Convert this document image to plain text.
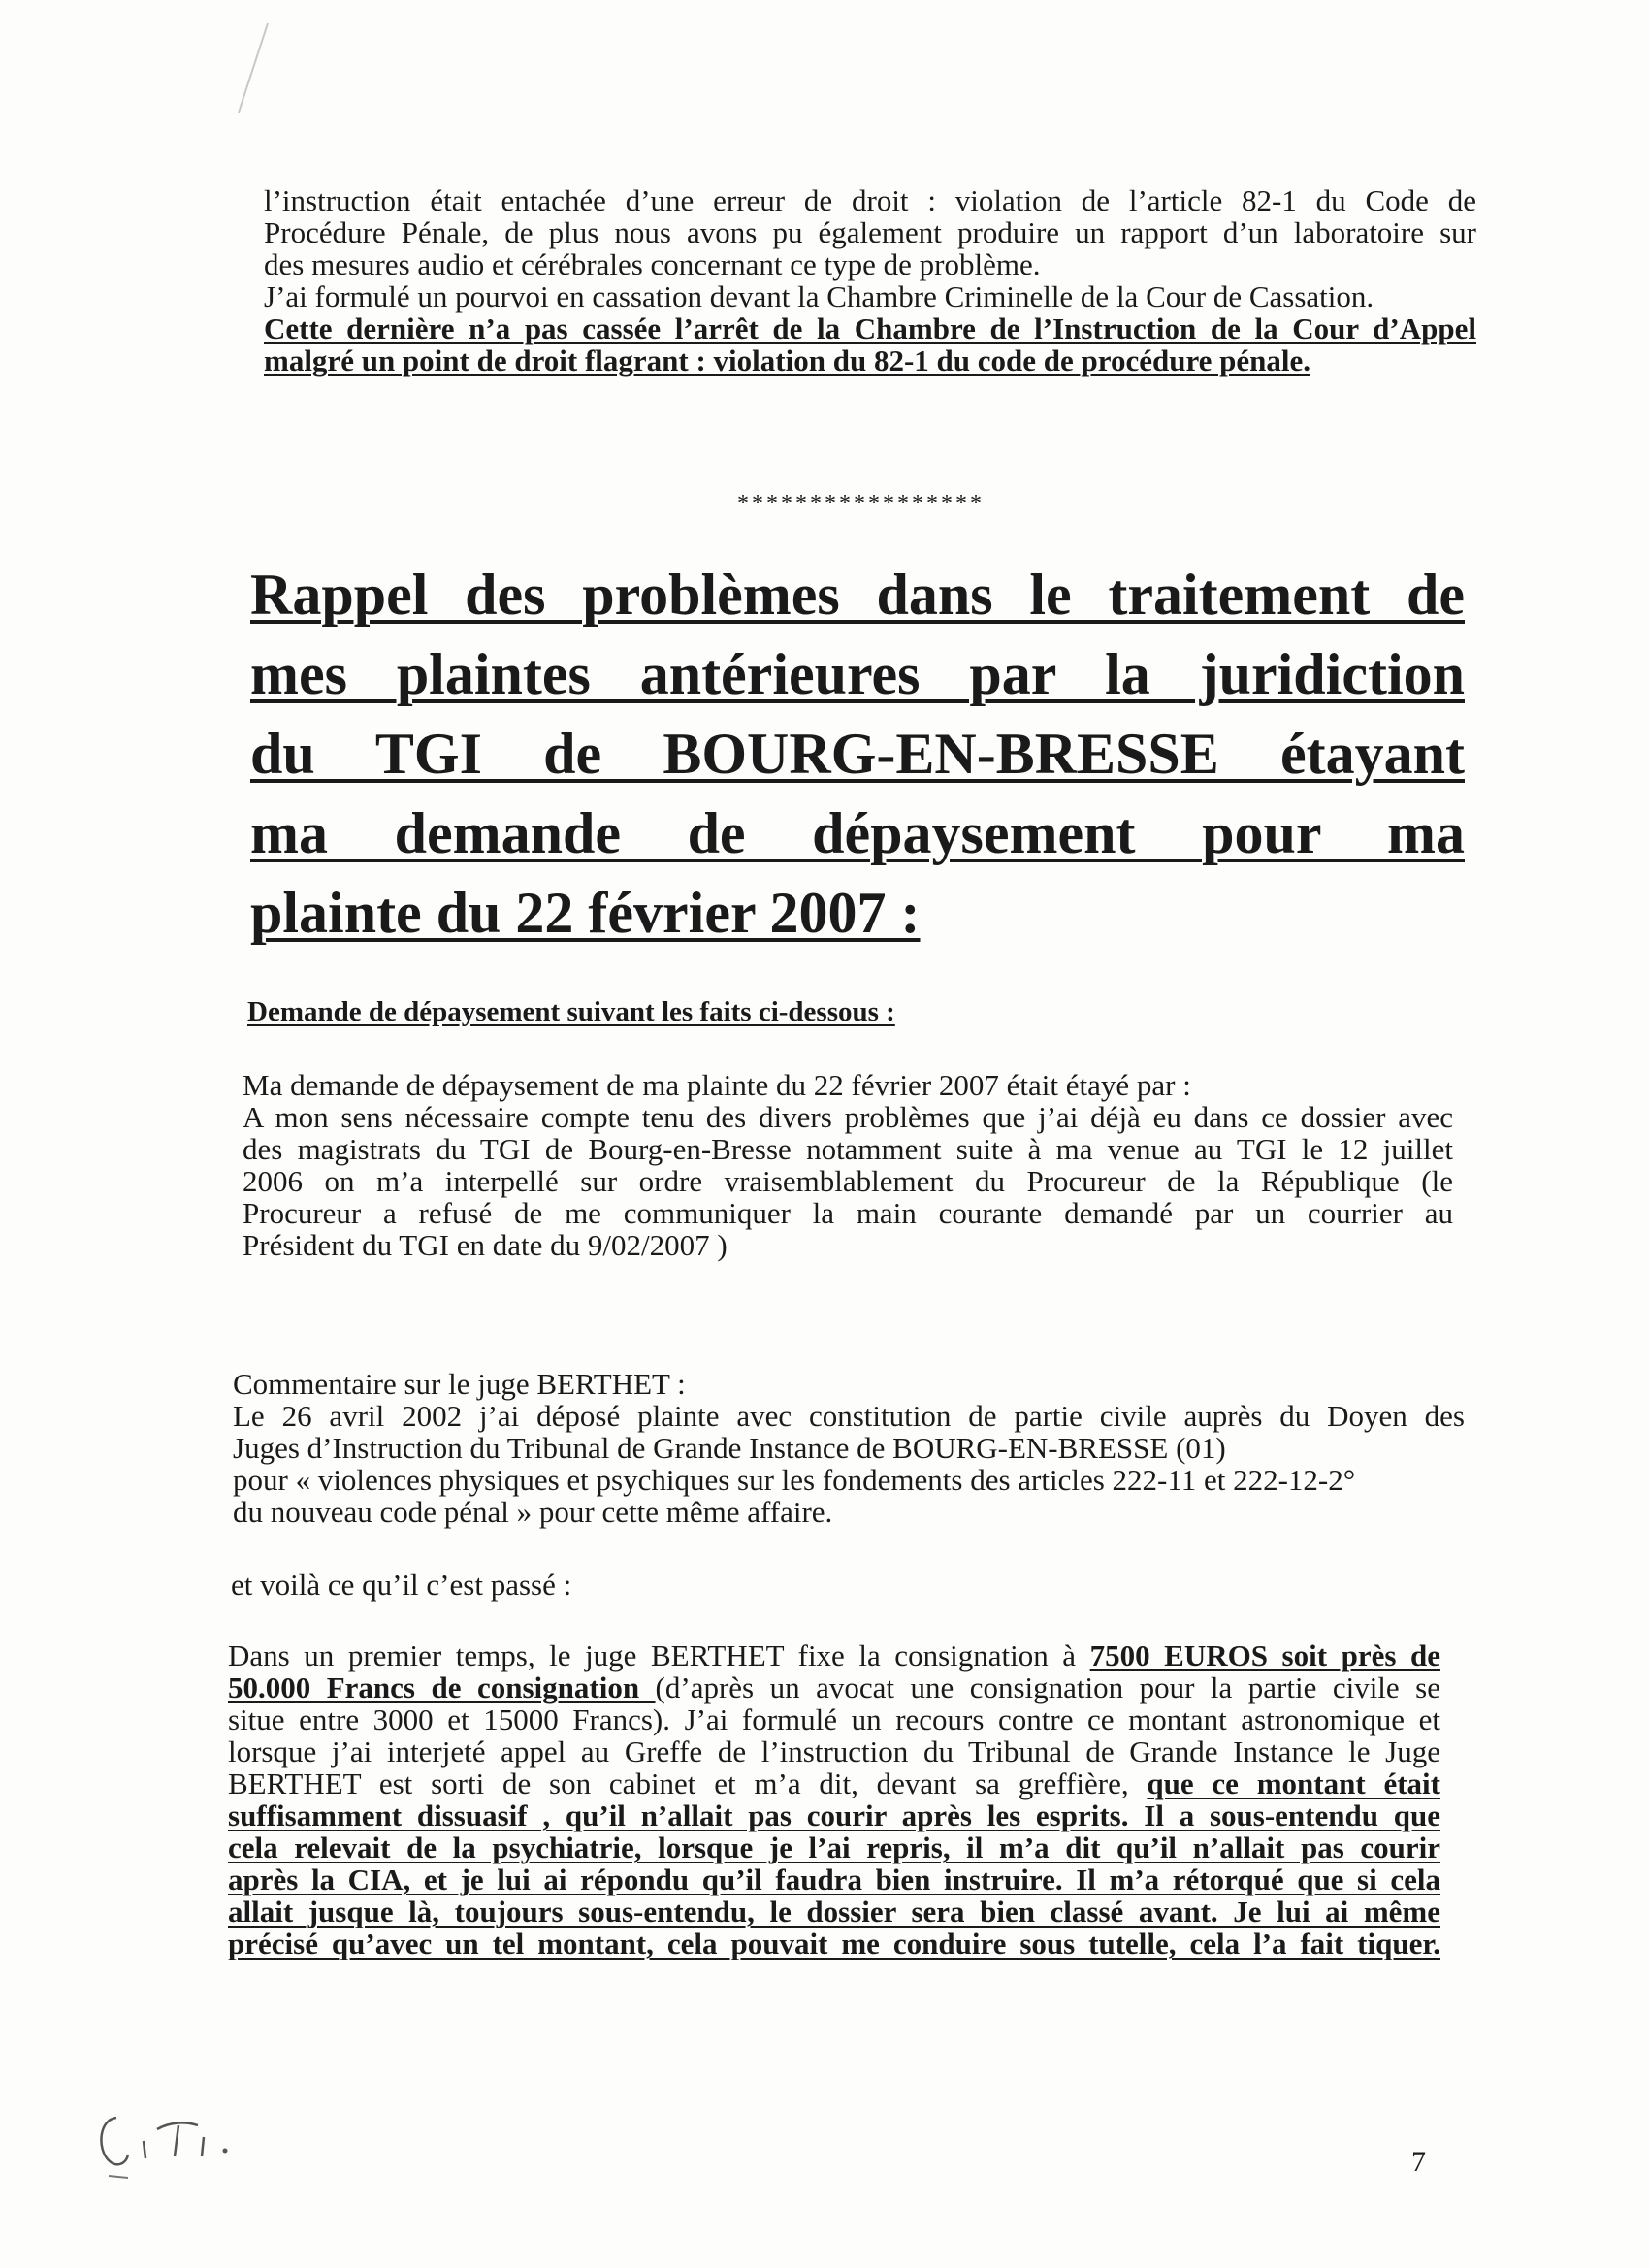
l’instruction était entachée d’une erreur de droit : violation de l’article 82-1 du Code de

Procédure Pénale, de plus nous avons pu également produire un rapport d’un laboratoire sur

des mesures audio et cérébrales concernant ce type de problème.

J’ai formulé un pourvoi en cassation devant la Chambre Criminelle de la Cour de Cassation.

Cette dernière n’a pas cassée l’arrêt de la Chambre de l’Instruction de la Cour d’Appel

malgré un point de droit flagrant : violation du 82-1 du code de procédure pénale.

*****************

Rappel des problèmes dans le traitement de

mes plaintes antérieures par la juridiction

du TGI de BOURG-EN-BRESSE étayant

ma demande de dépaysement pour ma

plainte du 22 février 2007 :

Demande de dépaysement suivant les faits ci-dessous :

Ma demande de dépaysement de ma plainte du 22 février 2007 était étayé par :

A mon sens nécessaire compte tenu des divers problèmes que j’ai déjà eu dans ce dossier avec

des magistrats du TGI de Bourg-en-Bresse notamment suite à ma venue au TGI le 12 juillet

2006 on m’a interpellé sur ordre vraisemblablement du Procureur de la République (le

Procureur a refusé de me communiquer la main courante demandé par un courrier au

Président du TGI en date du 9/02/2007 )

Commentaire sur le juge BERTHET :

Le 26 avril 2002 j’ai déposé plainte avec constitution de partie civile auprès du Doyen des

Juges d’Instruction du Tribunal de Grande Instance de BOURG-EN-BRESSE (01)

pour « violences physiques et psychiques sur les fondements des articles 222-11 et 222-12-2°

du nouveau code pénal » pour cette même affaire.

et voilà ce qu’il c’est passé :

Dans un premier temps, le juge BERTHET fixe la consignation à 7500 EUROS soit près de

50.000 Francs de consignation (d’après un avocat une consignation pour la partie civile se

situe entre 3000 et 15000 Francs). J’ai formulé un recours contre ce montant astronomique et

lorsque j’ai interjeté appel au Greffe de l’instruction du Tribunal de Grande Instance le Juge

BERTHET est sorti de son cabinet et m’a dit, devant sa greffière, que ce montant était

suffisamment dissuasif , qu’il n’allait pas courir après les esprits. Il a sous-entendu que

cela relevait de la psychiatrie, lorsque je l’ai repris, il m’a dit qu’il n’allait pas courir

après la CIA, et je lui ai répondu qu’il faudra bien instruire. Il m’a rétorqué que si cela

allait jusque là, toujours sous-entendu, le dossier sera bien classé avant. Je lui ai même

précisé qu’avec un tel montant, cela pouvait me conduire sous tutelle, cela l’a fait tiquer.

7
